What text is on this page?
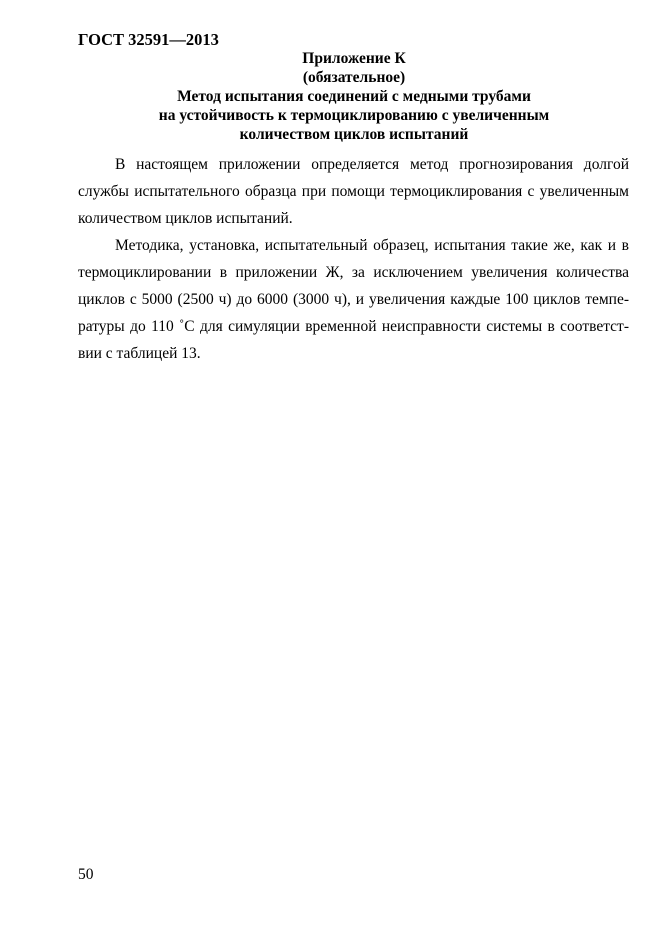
ГОСТ 32591—2013
Приложение К
(обязательное)
Метод испытания соединений с медными трубами
на устойчивость к термоциклированию с увеличенным
количеством циклов испытаний

В настоящем приложении определяется метод прогнозирования долгой
службы испытательного образца при помощи термоциклирования с увеличенным
количеством циклов испытаний.

Методика, установка, испытательный образец, испытания такие же, как и в
термоциклировании в приложении Ж, за исключением увеличения количества
циклов с 5000 (2500 ч) до 6000 (3000 ч), и увеличения каждые 100 циклов темпе-
ратуры до 110 ˚С для симуляции временной неисправности системы в соответст-
вии с таблицей 13.

50
